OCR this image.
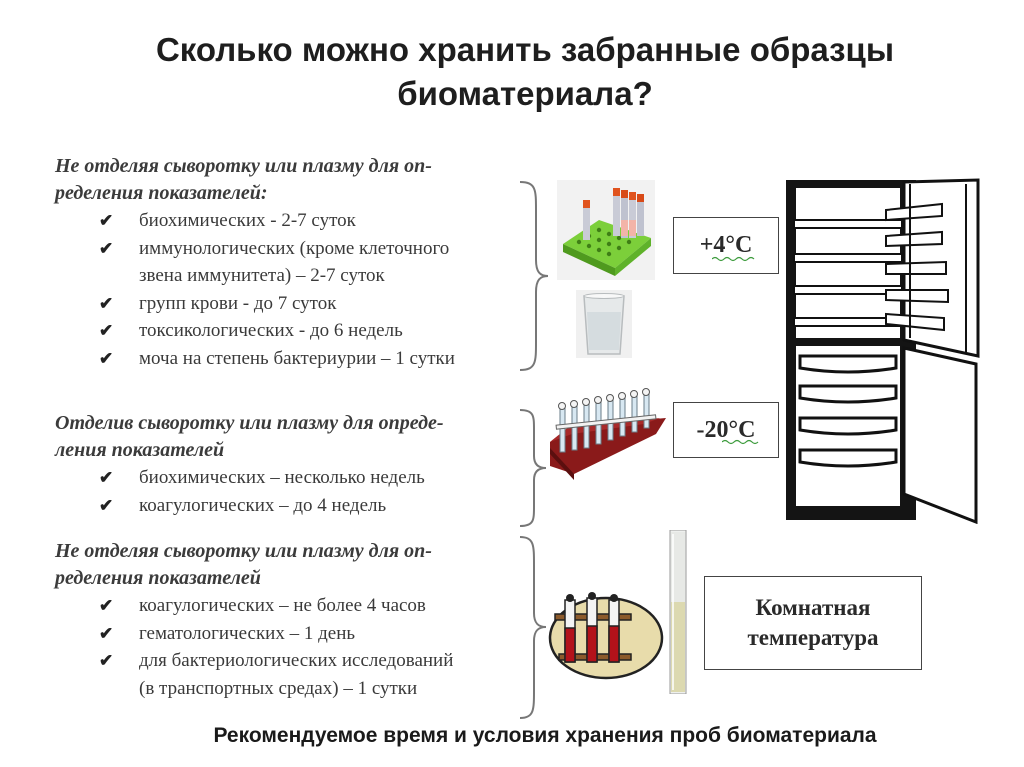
Сколько можно хранить забранные образцы
биоматериала?
Не отделяя сыворотку или плазму для оп-
ределения показателей:
✔ биохимических - 2-7 суток
✔ иммунологических (кроме клеточного
звена иммунитета) – 2-7 суток
✔ групп крови - до 7 суток
✔ токсикологических - до 6 недель
✔ моча на степень бактериурии – 1 сутки
Отделив сыворотку или плазму для опреде-
ления показателей
✔ биохимических – несколько недель
✔ коагулогических – до 4 недель
Не отделяя сыворотку или плазму для оп-
ределения показателей
✔ коагулогических – не более 4 часов
✔ гематологических – 1 день
✔ для бактериологических исследований
(в транспортных средах) – 1 сутки
+4°C
-20°C
Комнатная
температура
Рекомендуемое время и условия хранения проб биоматериала
